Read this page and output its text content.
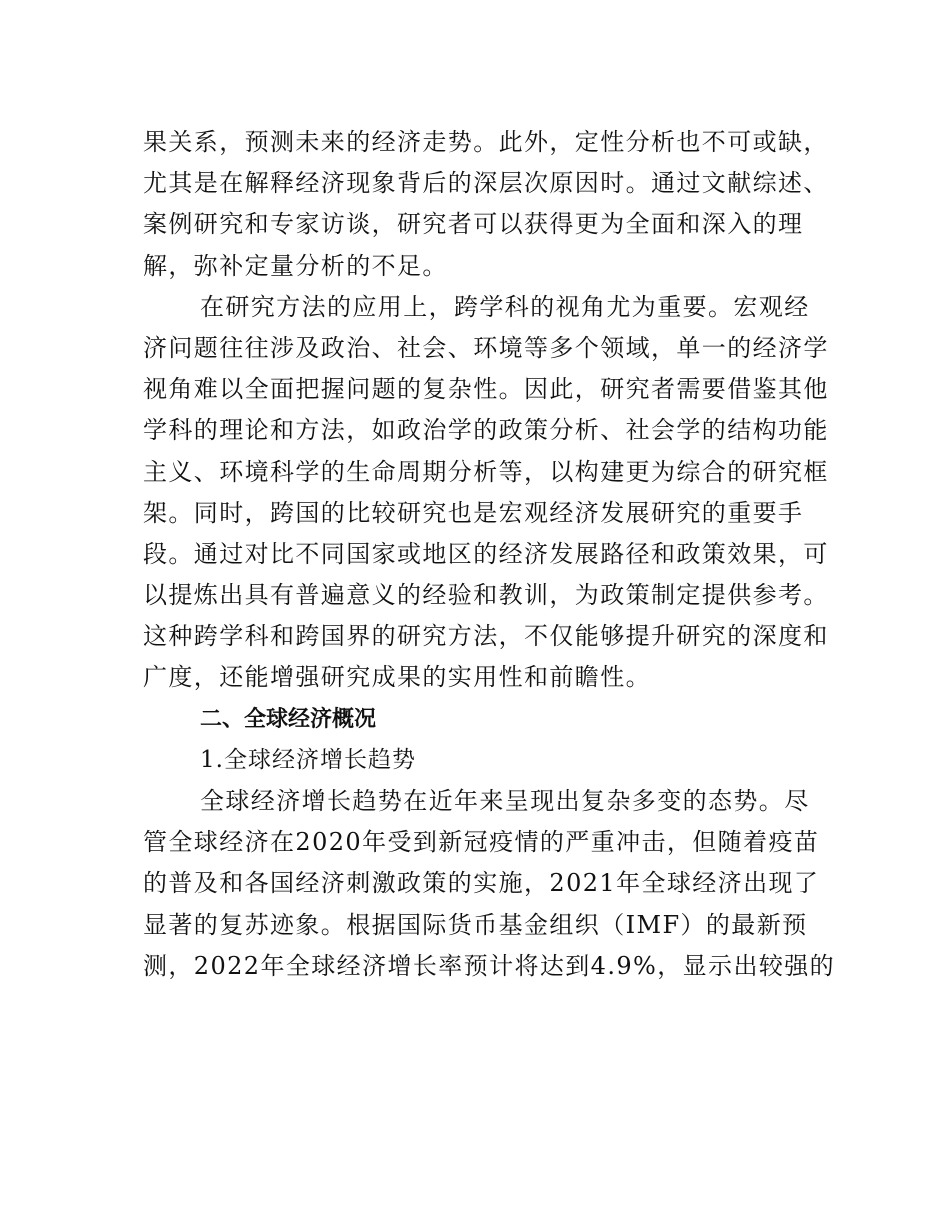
果关系，预测未来的经济走势。此外，定性分析也不可或缺，
尤其是在解释经济现象背后的深层次原因时。通过文献综述、
案例研究和专家访谈，研究者可以获得更为全面和深入的理
解，弥补定量分析的不足。
在研究方法的应用上，跨学科的视角尤为重要。宏观经
济问题往往涉及政治、社会、环境等多个领域，单一的经济学
视角难以全面把握问题的复杂性。因此，研究者需要借鉴其他
学科的理论和方法，如政治学的政策分析、社会学的结构功能
主义、环境科学的生命周期分析等，以构建更为综合的研究框
架。同时，跨国的比较研究也是宏观经济发展研究的重要手
段。通过对比不同国家或地区的经济发展路径和政策效果，可
以提炼出具有普遍意义的经验和教训，为政策制定提供参考。
这种跨学科和跨国界的研究方法，不仅能够提升研究的深度和
广度，还能增强研究成果的实用性和前瞻性。
二、全球经济概况
1.全球经济增长趋势
全球经济增长趋势在近年来呈现出复杂多变的态势。尽
管全球经济在2020年受到新冠疫情的严重冲击，但随着疫苗
的普及和各国经济刺激政策的实施，2021年全球经济出现了
显著的复苏迹象。根据国际货币基金组织（IMF）的最新预
测，2022年全球经济增长率预计将达到4.9%，显示出较强的
